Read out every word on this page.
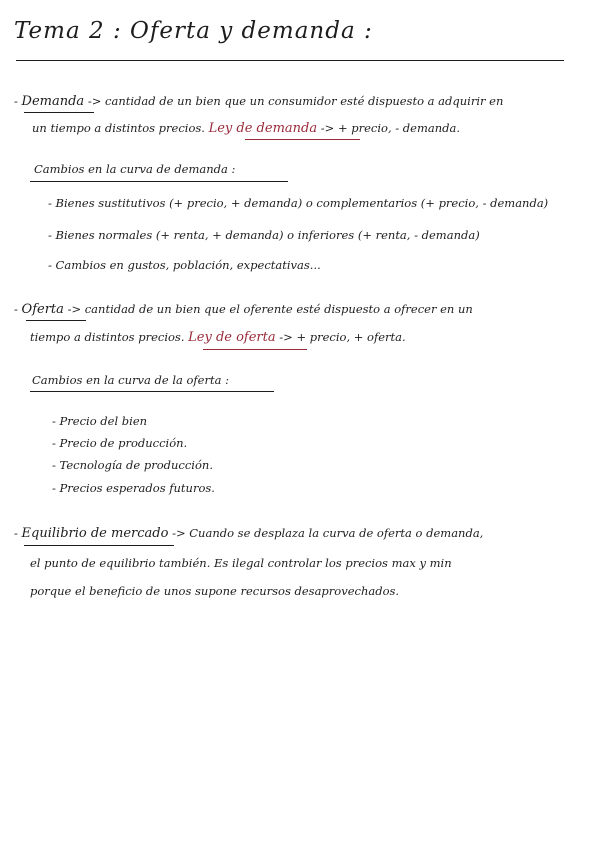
Tema 2 : Oferta y demanda :
- Demanda -> cantidad de un bien que un consumidor esté dispuesto a adquirir en
un tiempo a distintos precios. Ley de demanda -> + precio, - demanda.
Cambios en la curva de demanda :
- Bienes sustitutivos (+ precio, + demanda) o complementarios (+ precio, - demanda)
- Bienes normales (+ renta, + demanda) o inferiores (+ renta, - demanda)
- Cambios en gustos, población, expectativas...
- Oferta -> cantidad de un bien que el oferente esté dispuesto a ofrecer en un
tiempo a distintos precios. Ley de oferta -> + precio, + oferta.
Cambios en la curva de la oferta :
- Precio del bien
- Precio de producción.
- Tecnología de producción.
- Precios esperados futuros.
- Equilibrio de mercado -> Cuando se desplaza la curva de oferta o demanda,
el punto de equilibrio también. Es ilegal controlar los precios max y min
porque el beneficio de unos supone recursos desaprovechados.
